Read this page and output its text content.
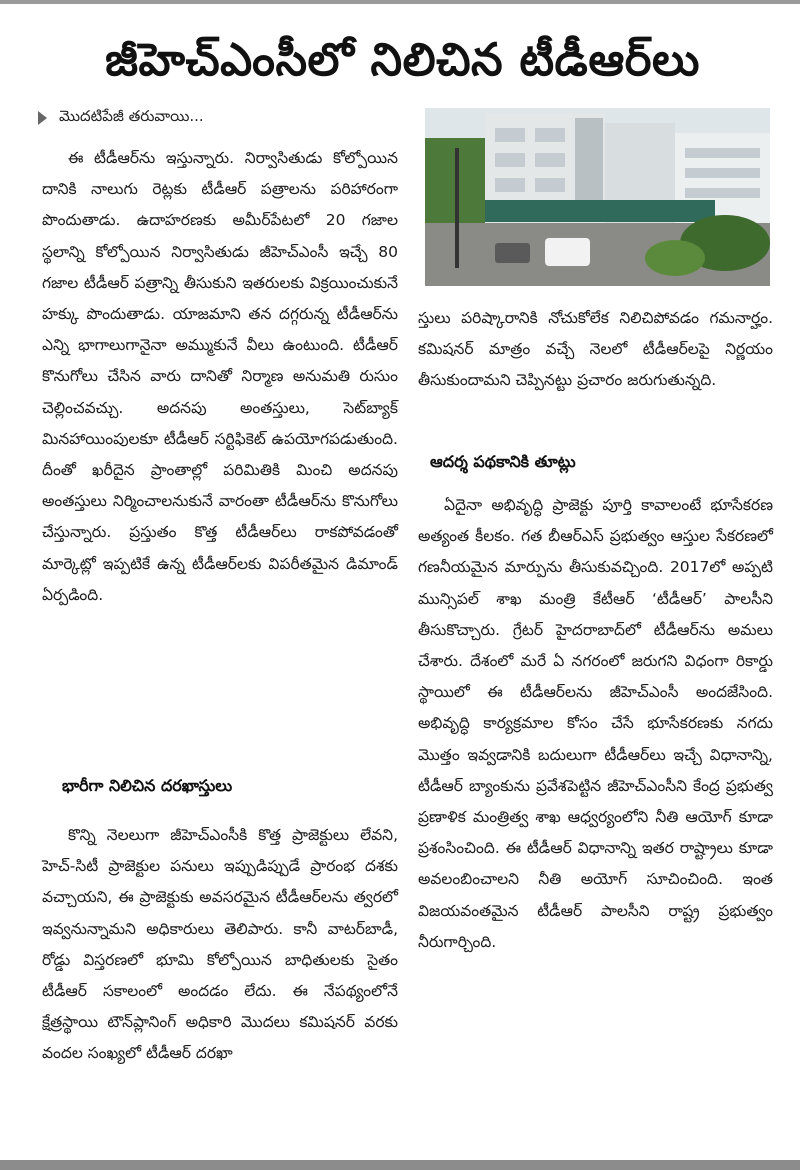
జీహెచ్‌ఎంసీలో నిలిచిన టీడీఆర్‌లు
మొదటిపేజీ తరువాయి...

ఈ టీడీఆర్‌ను ఇస్తున్నారు. నిర్వాసితుడు కోల్పోయిన దానికి నాలుగు రెట్లకు టీడీఆర్ పత్రాలను పరిహారంగా పొందుతాడు. ఉదాహరణకు అమీర్‌పేటలో 20 గజాల స్థలాన్ని కోల్పోయిన నిర్వాసితుడు జీహెచ్‌ఎంసీ ఇచ్చే 80 గజాల టీడీఆర్ పత్రాన్ని తీసుకుని ఇతరులకు విక్రయించుకునే హక్కు పొందుతాడు. యాజమాని తన దగ్గరున్న టీడీఆర్‌ను ఎన్ని భాగాలుగానైనా అమ్ముకునే వీలు ఉంటుంది. టీడీఆర్ కొనుగోలు చేసిన వారు దానితో నిర్మాణ అనుమతి రుసుం చెల్లించవచ్చు. అదనపు అంతస్తులు, సెట్‌బ్యాక్ మినహాయింపులకూ టీడీఆర్ సర్టిఫికెట్ ఉపయోగపడుతుంది. దీంతో ఖరీదైన ప్రాంతాల్లో పరిమితికి మించి అదనపు అంతస్తులు నిర్మించాలనుకునే వారంతా టీడీఆర్‌ను కొనుగోలు చేస్తున్నారు. ప్రస్తుతం కొత్త టీడీఆర్‌లు రాకపోవడంతో మార్కెట్లో ఇప్పటికే ఉన్న టీడీఆర్‌లకు విపరీతమైన డిమాండ్ ఏర్పడింది.

భారీగా నిలిచిన దరఖాస్తులు

కొన్ని నెలలుగా జీహెచ్‌ఎంసీకి కొత్త ప్రాజెక్టులు లేవని, హెచ్‌-సిటీ ప్రాజెక్టుల పనులు ఇప్పుడిప్పుడే ప్రారంభ దశకు వచ్చాయని, ఈ ప్రాజెక్టుకు అవసరమైన టీడీఆర్‌లను త్వరలో ఇవ్వనున్నామని అధికారులు తెలిపారు. కానీ వాటర్‌బాడీ, రోడ్డు విస్తరణలో భూమి కోల్పోయిన బాధితులకు సైతం టీడీఆర్ సకాలంలో అందడం లేదు. ఈ నేపథ్యంలోనే క్షేత్రస్థాయి టౌన్‌ప్లానింగ్ అధికారి మొదలు కమిషనర్ వరకు వందల సంఖ్యలో టీడీఆర్ దరఖా

స్తులు పరిష్కారానికి నోచుకోలేక నిలిచిపోవడం గమనార్హం. కమిషనర్ మాత్రం వచ్చే నెలలో టీడీఆర్‌లపై నిర్ణయం తీసుకుందామని చెప్పినట్టు ప్రచారం జరుగుతున్నది.

ఆదర్శ పథకానికి తూట్లు

ఏదైనా అభివృద్ధి ప్రాజెక్టు పూర్తి కావాలంటే భూసేకరణ అత్యంత కీలకం. గత బీఆర్‌ఎస్ ప్రభుత్వం ఆస్తుల సేకరణలో గణనీయమైన మార్పును తీసుకువచ్చింది. 2017లో అప్పటి మున్సిపల్ శాఖ మంత్రి కేటీఆర్ ‘టీడీఆర్’ పాలసీని తీసుకొచ్చారు. గ్రేటర్ హైదరాబాద్‌లో టీడీఆర్‌ను అమలు చేశారు. దేశంలో మరే ఏ నగరంలో జరుగని విధంగా రికార్డు స్థాయిలో ఈ టీడీఆర్‌లను జీహెచ్‌ఎంసీ అందజేసింది. అభివృద్ధి కార్యక్రమాల కోసం చేసే భూసేకరణకు నగదు మొత్తం ఇవ్వడానికి బదులుగా టీడీఆర్‌లు ఇచ్చే విధానాన్ని, టీడీఆర్ బ్యాంకును ప్రవేశపెట్టిన జీహెచ్‌ఎంసీని కేంద్ర ప్రభుత్వ ప్రణాళిక మంత్రిత్వ శాఖ ఆధ్వర్యంలోని నీతి ఆయోగ్ కూడా ప్రశంసించింది. ఈ టీడీఆర్ విధానాన్ని ఇతర రాష్ట్రాలు కూడా అవలంబించాలని నీతి అయోగ్ సూచించింది. ఇంత విజయవంతమైన టీడీఆర్ పాలసీని రాష్ట్ర ప్రభుత్వం నీరుగార్చింది.
